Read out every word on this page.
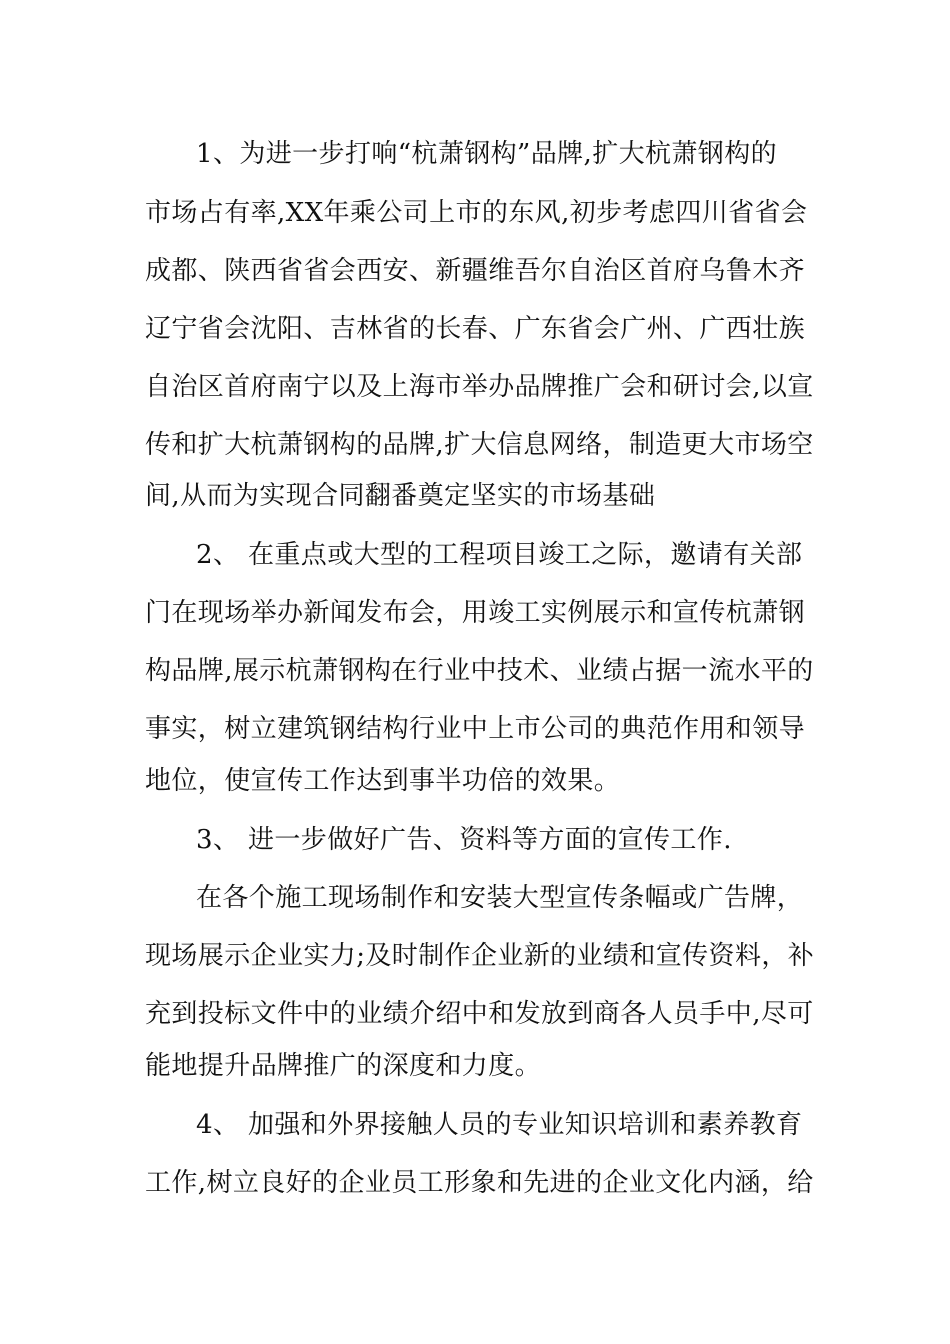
1、为进一步打响“杭萧钢构”品牌,扩大杭萧钢构的
市场占有率,XX年乘公司上市的东风,初步考虑四川省省会
成都、陕西省省会西安、新疆维吾尔自治区首府乌鲁木齐
辽宁省会沈阳、吉林省的长春、广东省会广州、广西壮族
自治区首府南宁以及上海市举办品牌推广会和研讨会,以宣
传和扩大杭萧钢构的品牌,扩大信息网络，制造更大市场空
间,从而为实现合同翻番奠定坚实的市场基础
2、 在重点或大型的工程项目竣工之际，邀请有关部
门在现场举办新闻发布会，用竣工实例展示和宣传杭萧钢
构品牌,展示杭萧钢构在行业中技术、业绩占据一流水平的
事实，树立建筑钢结构行业中上市公司的典范作用和领导
地位，使宣传工作达到事半功倍的效果。
3、 进一步做好广告、资料等方面的宣传工作.
在各个施工现场制作和安装大型宣传条幅或广告牌，
现场展示企业实力;及时制作企业新的业绩和宣传资料，补
充到投标文件中的业绩介绍中和发放到商各人员手中,尽可
能地提升品牌推广的深度和力度。
4、 加强和外界接触人员的专业知识培训和素养教育
工作,树立良好的企业员工形象和先进的企业文化内涵，给
